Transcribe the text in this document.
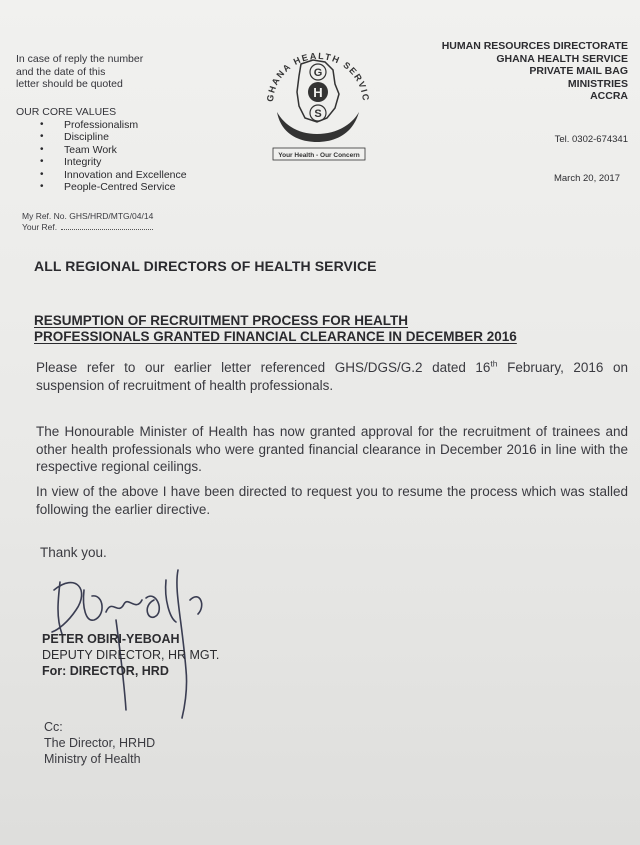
In case of reply the number
and the date of this
letter should be quoted
OUR CORE VALUES
• Professionalism
• Discipline
• Team Work
• Integrity
• Innovation and Excellence
• People-Centred Service
My Ref. No. GHS/HRD/MTG/04/14
Your Ref.
GHANA HEALTH SERVIC
G
H
S
Your Health - Our Concern
HUMAN RESOURCES DIRECTORATE
GHANA HEALTH SERVICE
PRIVATE MAIL BAG
MINISTRIES
ACCRA
Tel. 0302-674341
March 20, 2017
ALL REGIONAL DIRECTORS OF HEALTH SERVICE
RESUMPTION OF RECRUITMENT PROCESS FOR HEALTH
PROFESSIONALS GRANTED FINANCIAL CLEARANCE IN DECEMBER 2016
Please refer to our earlier letter referenced GHS/DGS/G.2 dated 16th February, 2016 on suspension of recruitment of health professionals.
The Honourable Minister of Health has now granted approval for the recruitment of trainees and other health professionals who were granted financial clearance in December 2016 in line with the respective regional ceilings.
In view of the above I have been directed to request you to resume the process which was stalled following the earlier directive.
Thank you.
PETER OBIRI-YEBOAH
DEPUTY DIRECTOR, HR MGT.
For: DIRECTOR, HRD
Cc:
The Director, HRHD
Ministry of Health
